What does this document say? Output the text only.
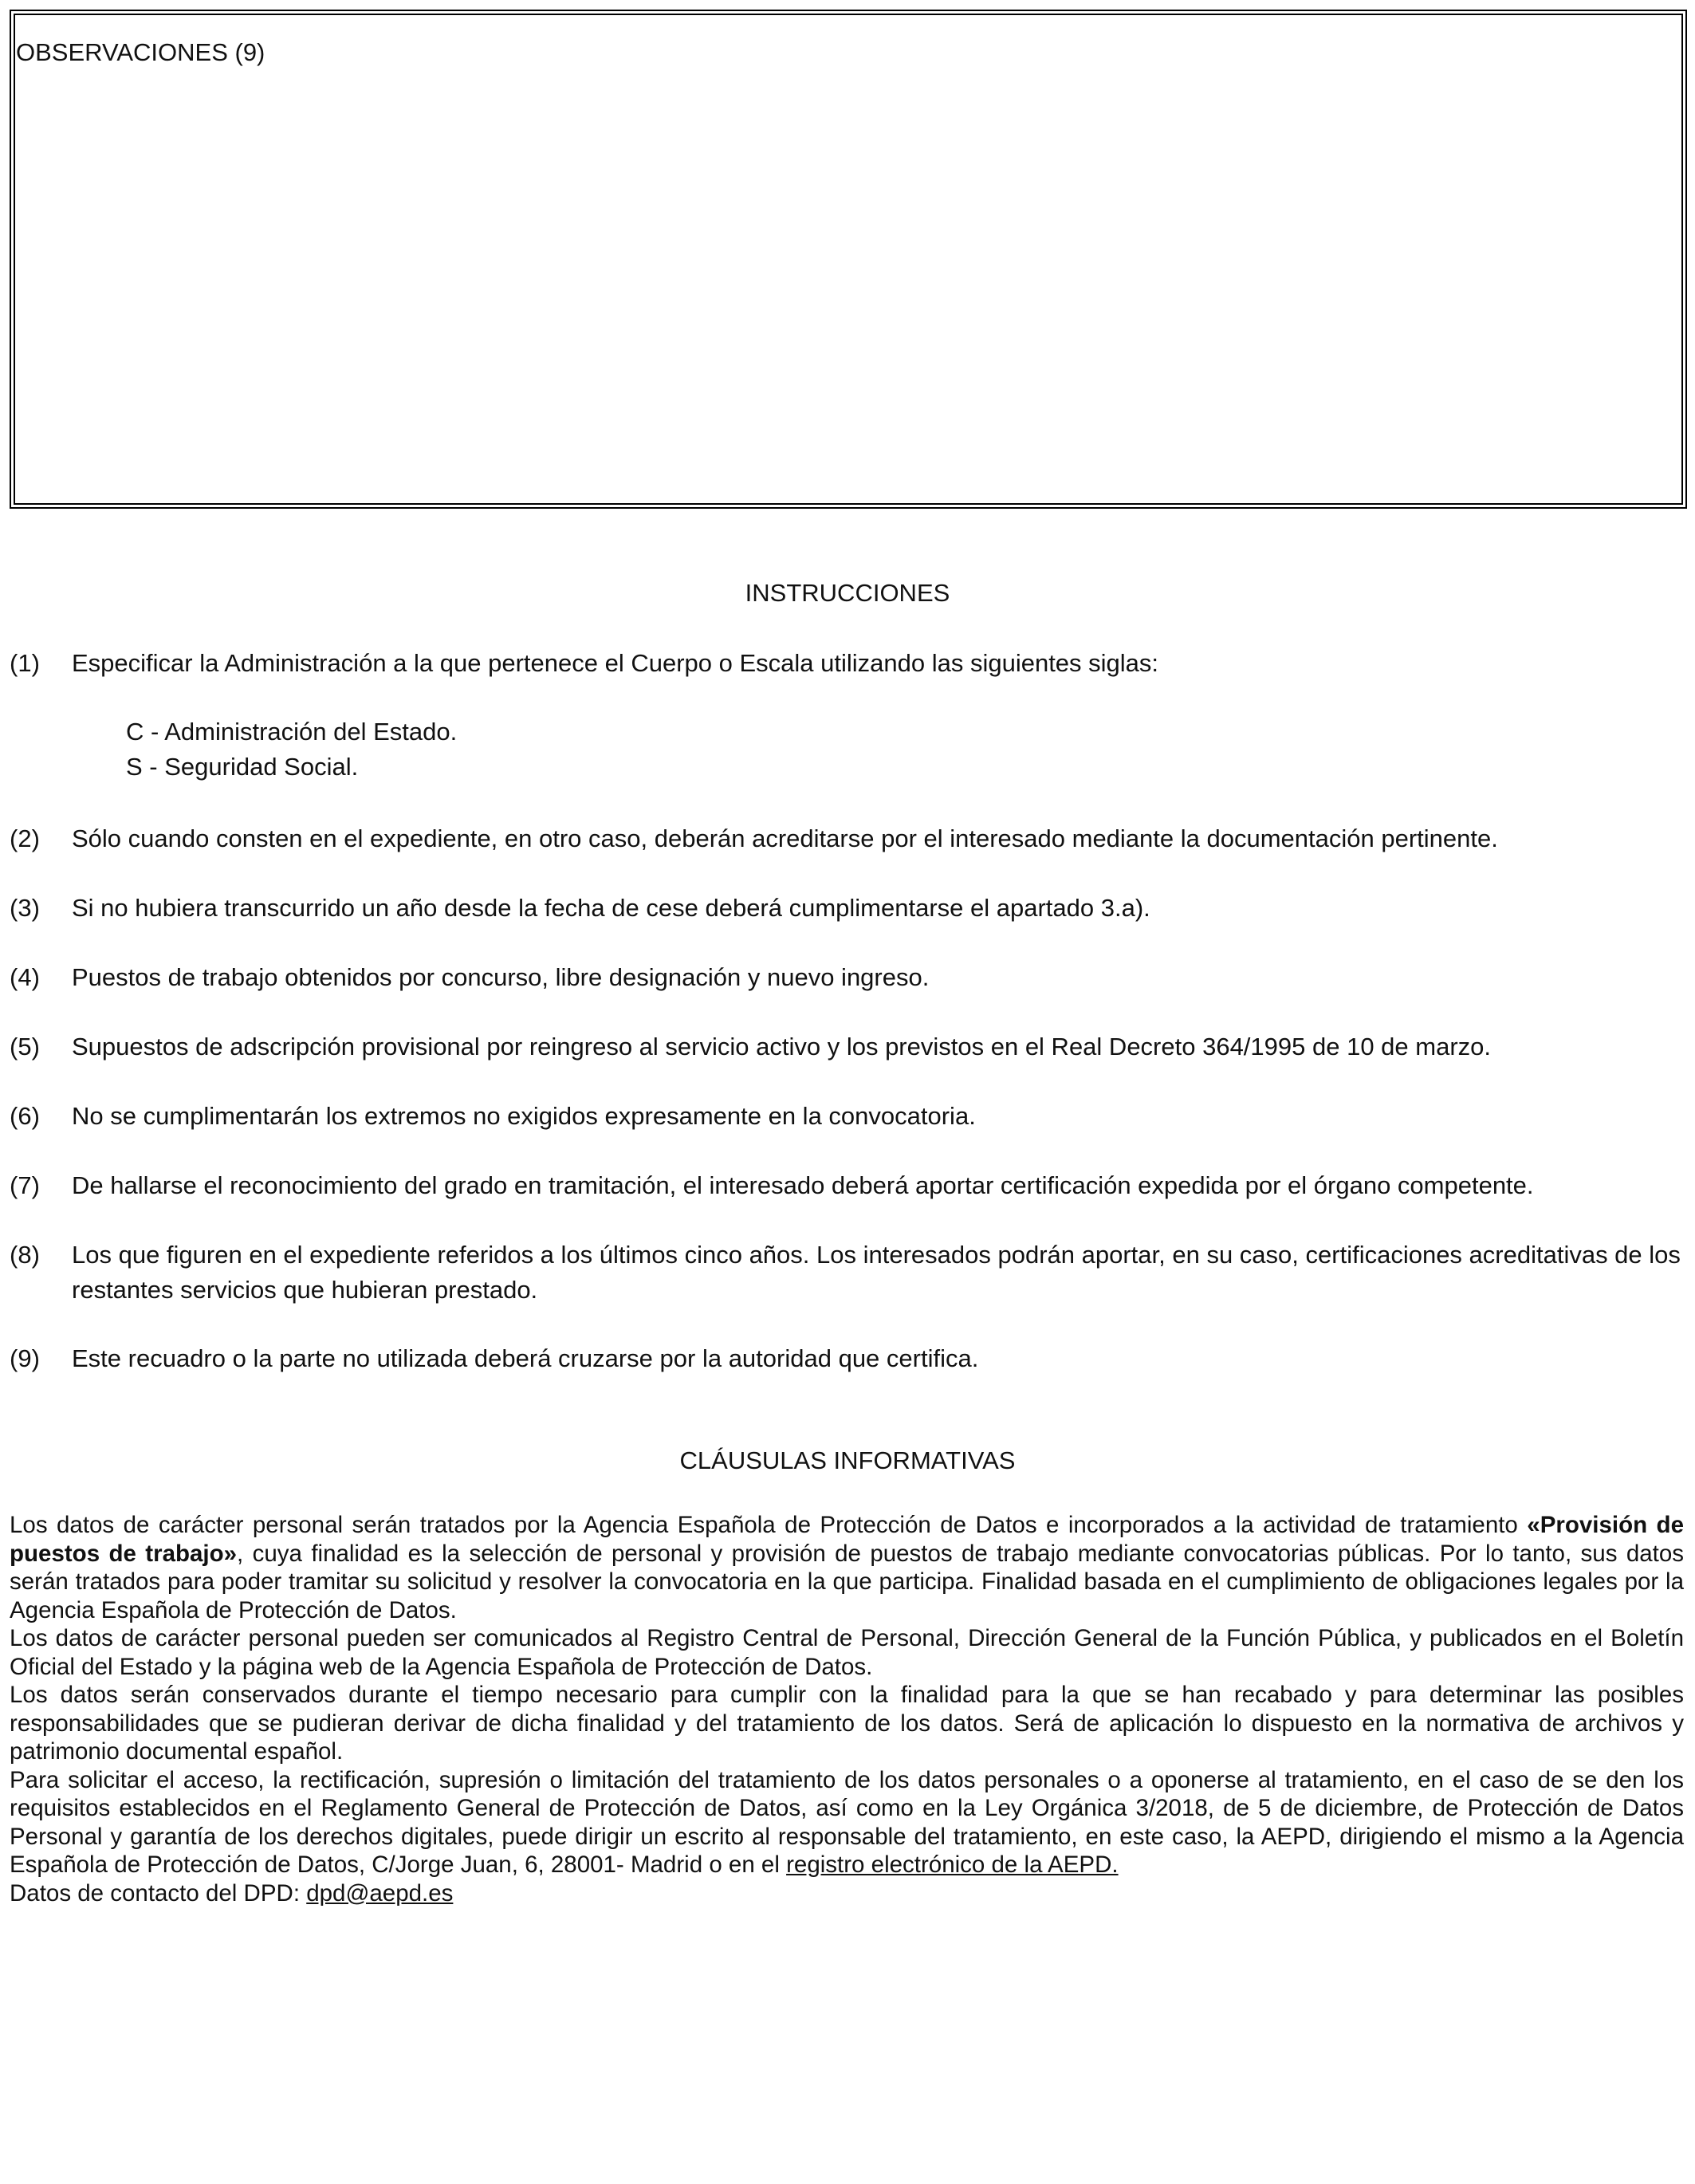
OBSERVACIONES (9)
INSTRUCCIONES
(1) Especificar la Administración a la que pertenece el Cuerpo o Escala utilizando las siguientes siglas:
C - Administración del Estado.
S - Seguridad Social.
(2) Sólo cuando consten en el expediente, en otro caso, deberán acreditarse por el interesado mediante la documentación pertinente.
(3) Si no hubiera transcurrido un año desde la fecha de cese deberá cumplimentarse el apartado 3.a).
(4) Puestos de trabajo obtenidos por concurso, libre designación y nuevo ingreso.
(5) Supuestos de adscripción provisional por reingreso al servicio activo y los previstos en el Real Decreto 364/1995 de 10 de marzo.
(6) No se cumplimentarán los extremos no exigidos expresamente en la convocatoria.
(7) De hallarse el reconocimiento del grado en tramitación, el interesado deberá aportar certificación expedida por el órgano competente.
(8) Los que figuren en el expediente referidos a los últimos cinco años. Los interesados podrán aportar, en su caso, certificaciones acreditativas de los restantes servicios que hubieran prestado.
(9) Este recuadro o la parte no utilizada deberá cruzarse por la autoridad que certifica.
CLÁUSULAS INFORMATIVAS

Los datos de carácter personal serán tratados por la Agencia Española de Protección de Datos e incorporados a la actividad de tratamiento «Provisión de puestos de trabajo», cuya finalidad es la selección de personal y provisión de puestos de trabajo mediante convocatorias públicas. Por lo tanto, sus datos serán tratados para poder tramitar su solicitud y resolver la convocatoria en la que participa. Finalidad basada en el cumplimiento de obligaciones legales por la Agencia Española de Protección de Datos.

Los datos de carácter personal pueden ser comunicados al Registro Central de Personal, Dirección General de la Función Pública, y publicados en el Boletín Oficial del Estado y la página web de la Agencia Española de Protección de Datos.

Los datos serán conservados durante el tiempo necesario para cumplir con la finalidad para la que se han recabado y para determinar las posibles responsabilidades que se pudieran derivar de dicha finalidad y del tratamiento de los datos. Será de aplicación lo dispuesto en la normativa de archivos y patrimonio documental español.

Para solicitar el acceso, la rectificación, supresión o limitación del tratamiento de los datos personales o a oponerse al tratamiento, en el caso de se den los requisitos establecidos en el Reglamento General de Protección de Datos, así como en la Ley Orgánica 3/2018, de 5 de diciembre, de Protección de Datos Personal y garantía de los derechos digitales, puede dirigir un escrito al responsable del tratamiento, en este caso, la AEPD, dirigiendo el mismo a la Agencia Española de Protección de Datos, C/Jorge Juan, 6, 28001- Madrid o en el registro electrónico de la AEPD.

Datos de contacto del DPD: dpd@aepd.es
